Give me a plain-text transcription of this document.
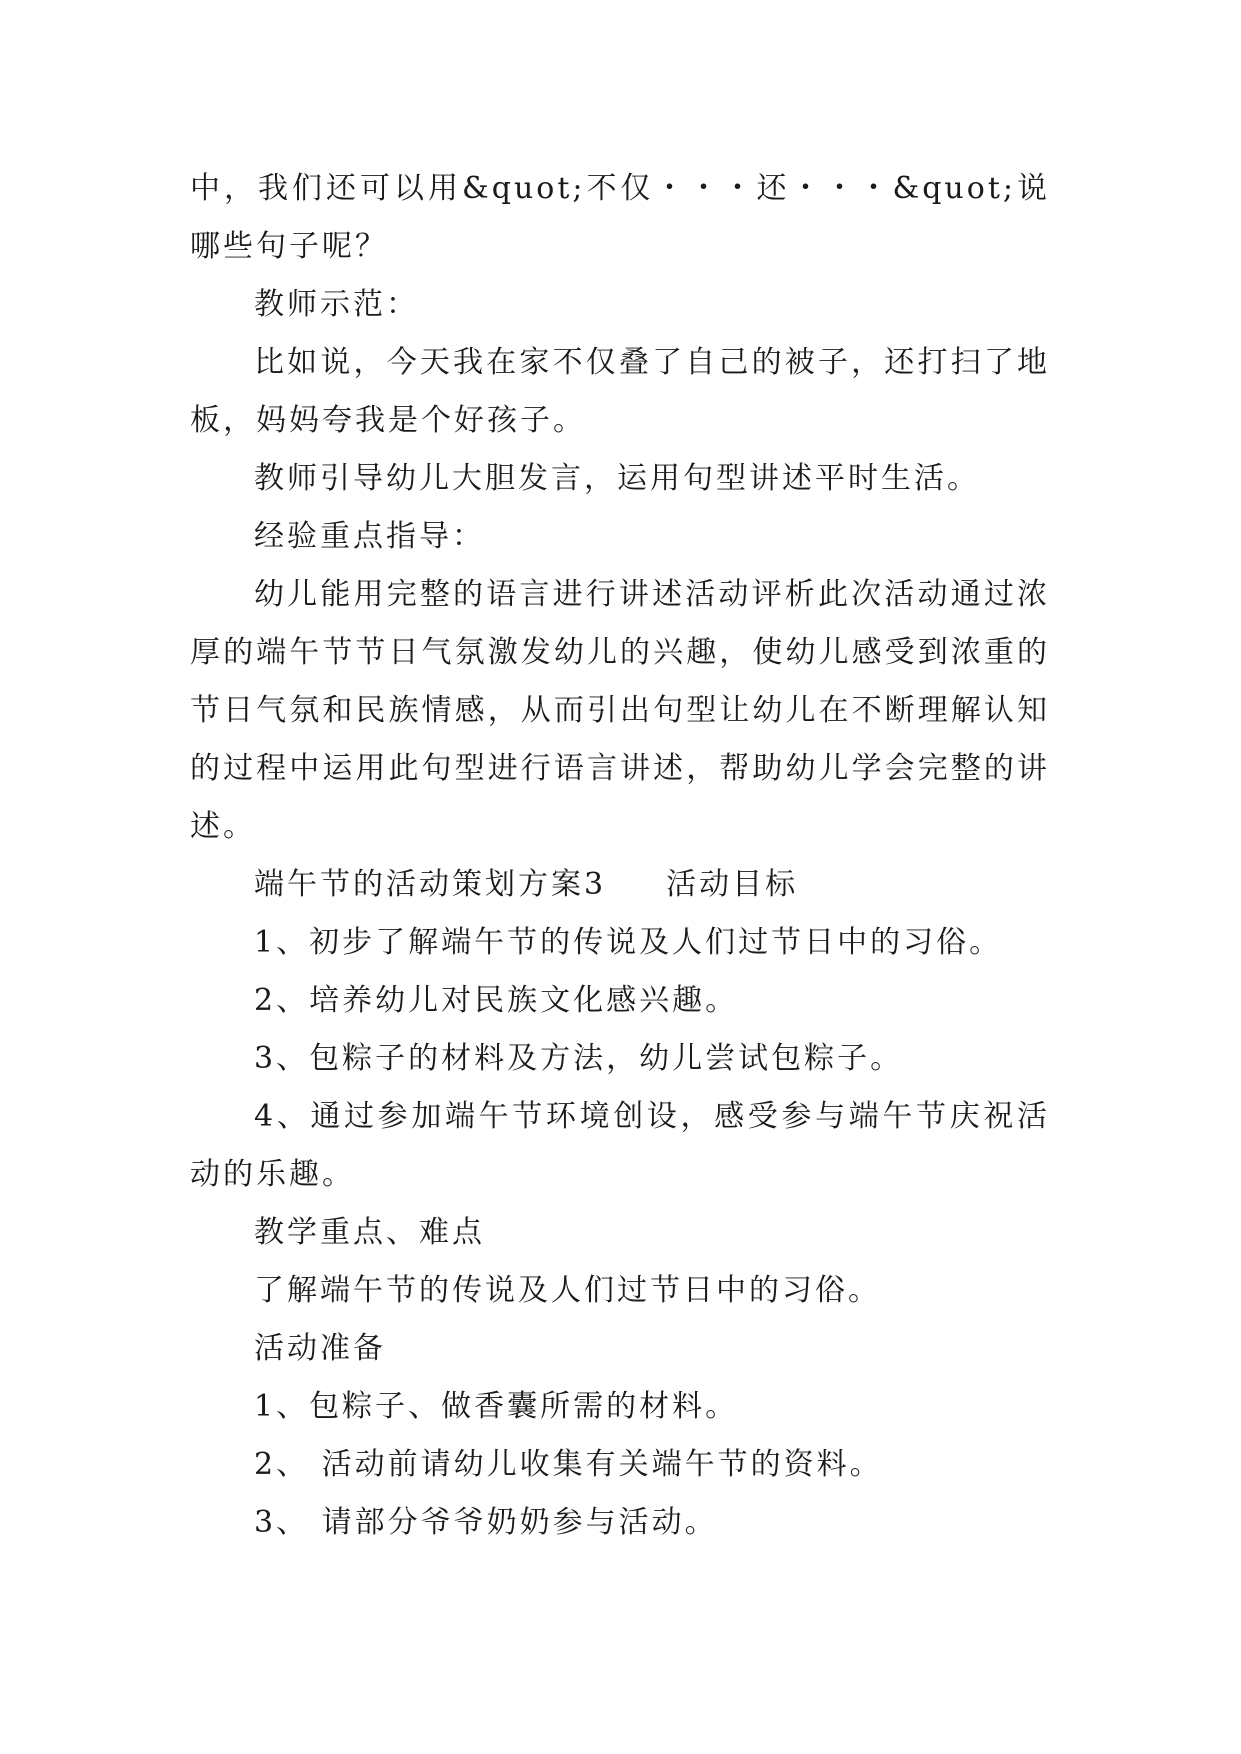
中，我们还可以用&quot;不仅・・・还・・・&quot;说哪些句子呢？

教师示范：

比如说，今天我在家不仅叠了自己的被子，还打扫了地板，妈妈夸我是个好孩子。

教师引导幼儿大胆发言，运用句型讲述平时生活。

经验重点指导：

幼儿能用完整的语言进行讲述活动评析此次活动通过浓厚的端午节节日气氛激发幼儿的兴趣，使幼儿感受到浓重的节日气氛和民族情感，从而引出句型让幼儿在不断理解认知的过程中运用此句型进行语言讲述，帮助幼儿学会完整的讲述。

端午节的活动策划方案3 活动目标

1、初步了解端午节的传说及人们过节日中的习俗。

2、培养幼儿对民族文化感兴趣。

3、包粽子的材料及方法，幼儿尝试包粽子。

4、通过参加端午节环境创设，感受参与端午节庆祝活动的乐趣。

教学重点、难点

了解端午节的传说及人们过节日中的习俗。

活动准备

1、包粽子、做香囊所需的材料。

2、 活动前请幼儿收集有关端午节的资料。

3、 请部分爷爷奶奶参与活动。
